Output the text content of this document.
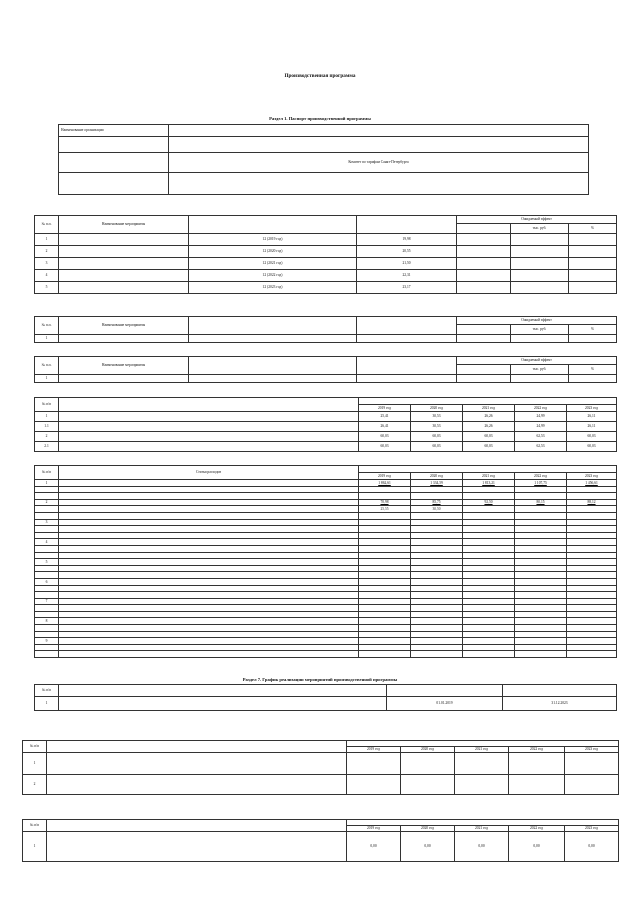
Производственная программа
Раздел 1. Паспорт производственной программы
Наименование организации	

	Комитет по тарифам Санкт-Петербурга

№ п.п.	Наименование мероприятия			Ожидаемый эффект		
					тыс. руб.	%
1		12 (2019 год)	19,98			
2		12 (2020 год)	20,55			
3		12 (2021 год)	21,50			
4		12 (2022 год)	22,31			
5		12 (2023 год)	23,17			
№ п.п.	Наименование мероприятия			Ожидаемый эффект		
					тыс. руб.	%
1						
№ п.п.	Наименование мероприятия			Ожидаемый эффект		
					тыс. руб.	%
1						
№ п/п						
		2019 год	2020 год	2021 год	2022 год	2023 год
1		25,41	30,53	26,26	24,99	26,11
1.1		26,41	30,53	26,26	24,99	26,11
2		60,03	60,03	60,03	62,53	60,03
2.1		60,03	60,03	60,03	62,53	60,03
№ п/п	Статьи расходов						
		2019 год	2020 год	2021 год	2022 год	2023 год	
1		1 862,61	1 334,59	1 813,21	1 107,75	1 456,61	

2		70,98	85,75	92,50	80,15	88,12	
		25,55	30,50				

3							

4							

5							

6							

7							

8							

9							

Раздел 7. График реализации мероприятий производственной программы
№ п/п			
1		01.01.2019	31.12.2023
№ п/п						
		2019 год	2020 год	2021 год	2022 год	2023 год
1						
2						
№ п/п						
		2019 год	2020 год	2021 год	2022 год	2023 год
1		0,00	0,00	0,00	0,00	0,00
